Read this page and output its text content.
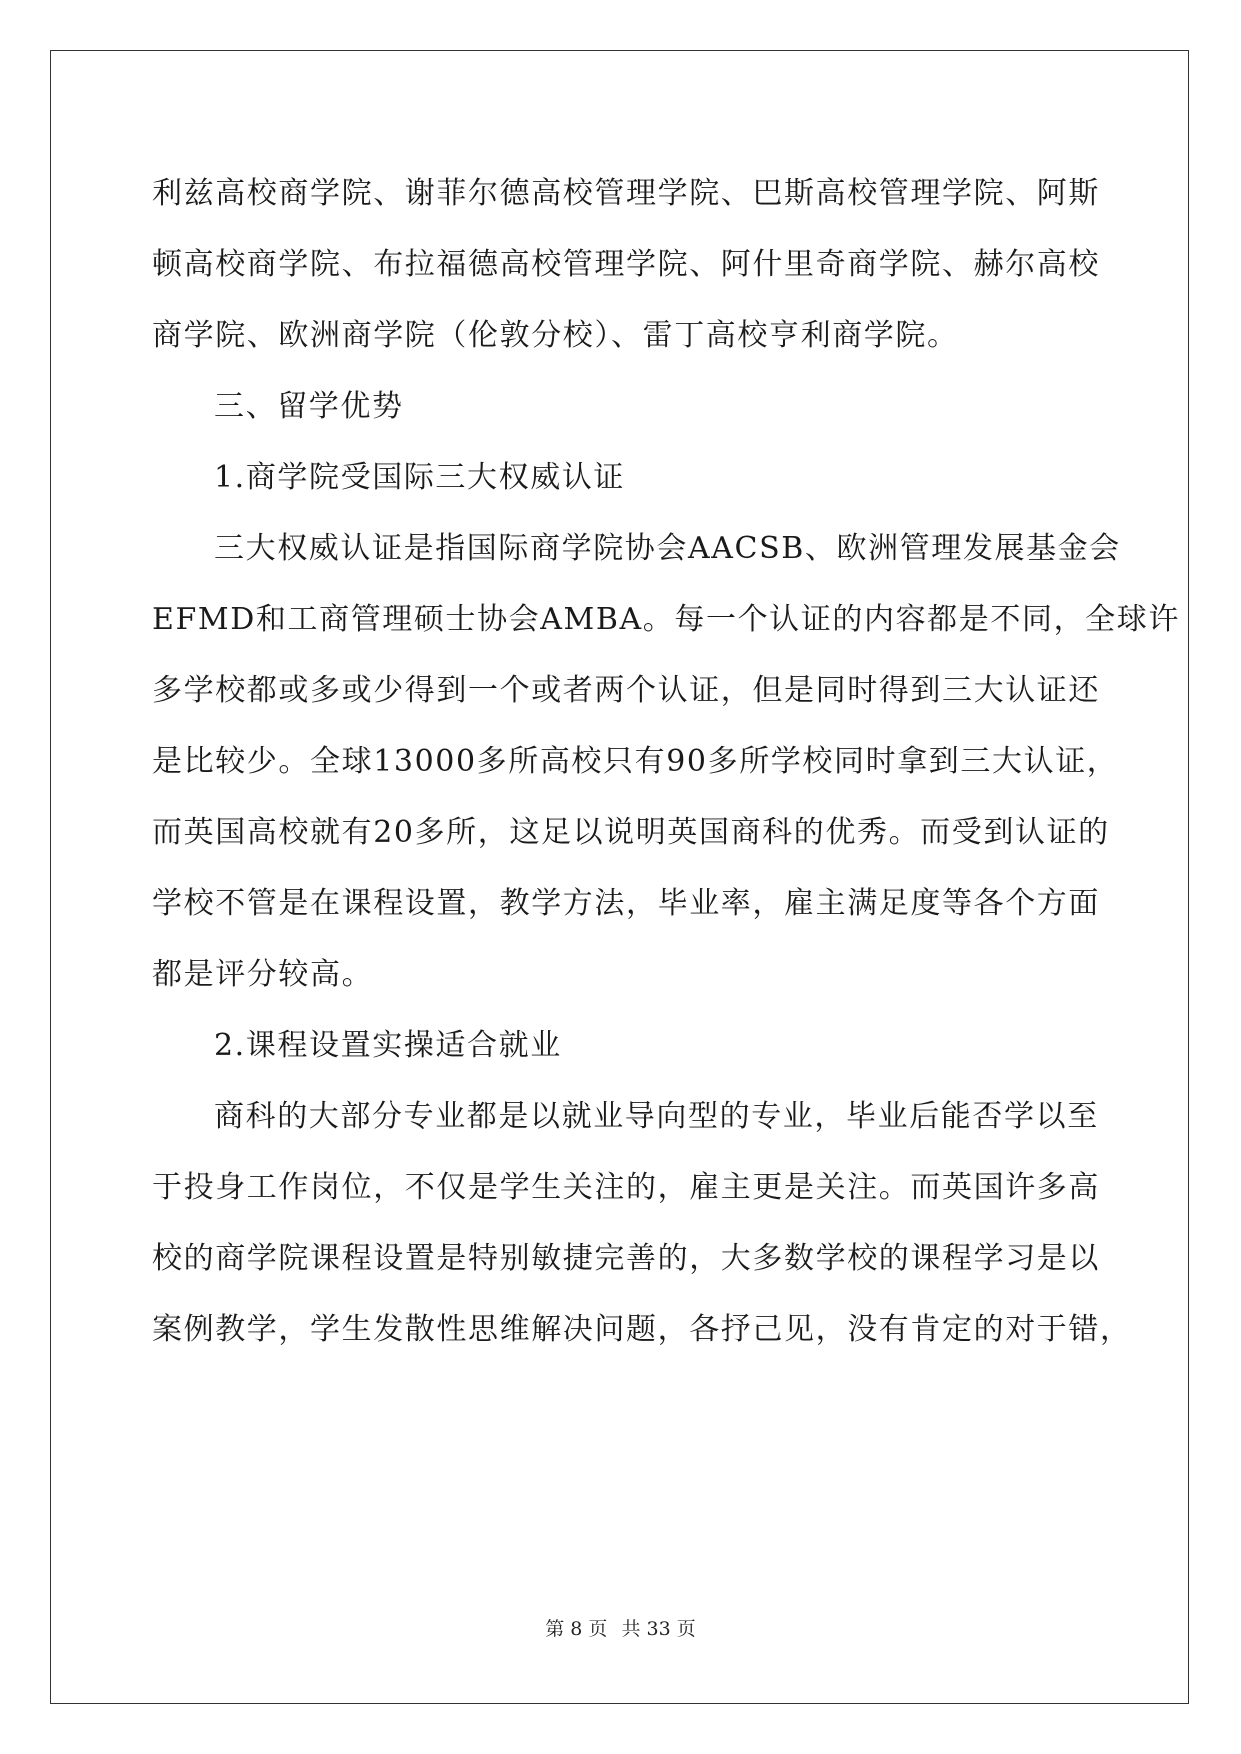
利兹高校商学院、谢菲尔德高校管理学院、巴斯高校管理学院、阿斯
顿高校商学院、布拉福德高校管理学院、阿什里奇商学院、赫尔高校
商学院、欧洲商学院（伦敦分校）、雷丁高校亨利商学院。
三、留学优势
1.商学院受国际三大权威认证
三大权威认证是指国际商学院协会AACSB、欧洲管理发展基金会
EFMD和工商管理硕士协会AMBA。每一个认证的内容都是不同，全球许
多学校都或多或少得到一个或者两个认证，但是同时得到三大认证还
是比较少。全球13000多所高校只有90多所学校同时拿到三大认证，
而英国高校就有20多所，这足以说明英国商科的优秀。而受到认证的
学校不管是在课程设置，教学方法，毕业率，雇主满足度等各个方面
都是评分较高。
2.课程设置实操适合就业
商科的大部分专业都是以就业导向型的专业，毕业后能否学以至
于投身工作岗位，不仅是学生关注的，雇主更是关注。而英国许多高
校的商学院课程设置是特别敏捷完善的，大多数学校的课程学习是以
案例教学，学生发散性思维解决问题，各抒己见，没有肯定的对于错，
第 8 页 共 33 页
